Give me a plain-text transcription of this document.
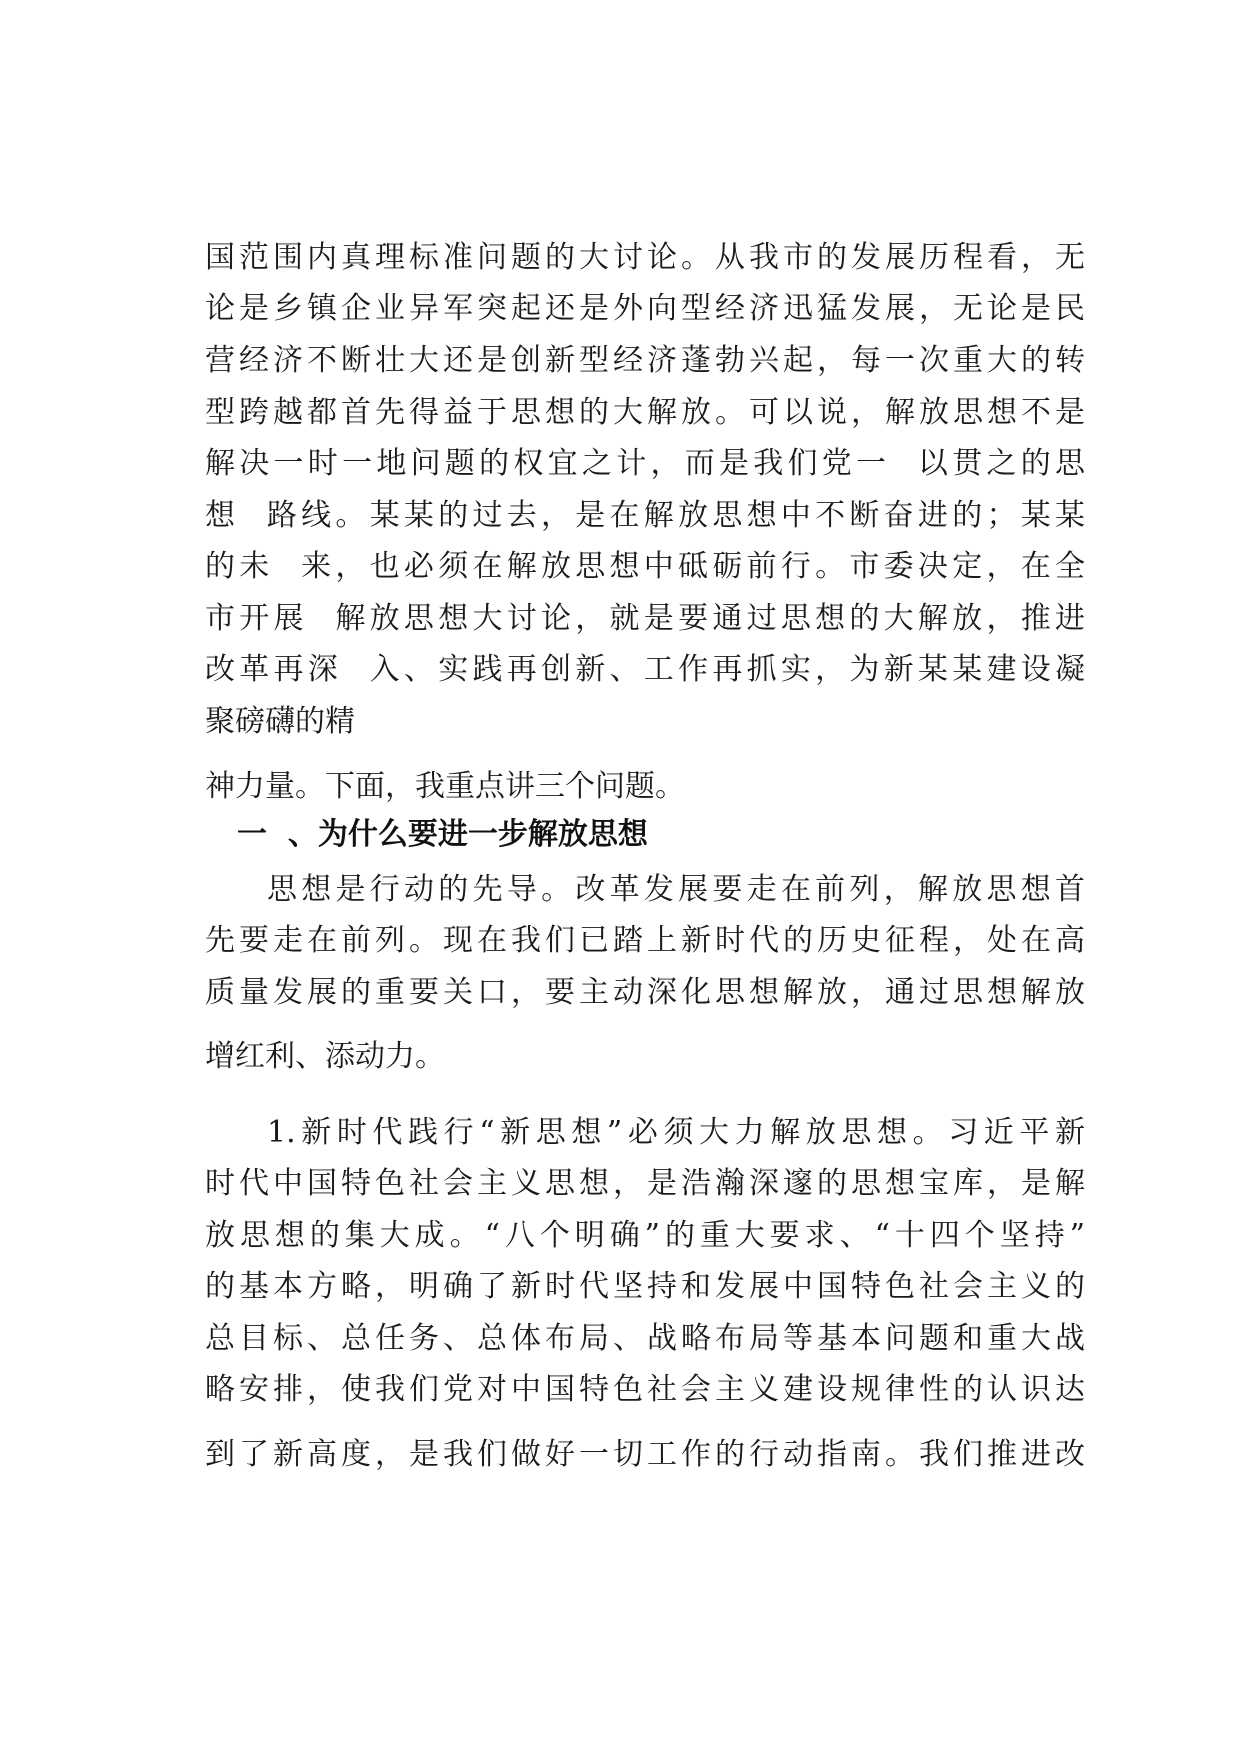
国范围内真理标准问题的大讨论。从我市的发展历程看，无

论是乡镇企业异军突起还是外向型经济迅猛发展，无论是民

营经济不断壮大还是创新型经济蓬勃兴起，每一次重大的转

型跨越都首先得益于思想的大解放。可以说，解放思想不是

解决一时一地问题的权宜之计，而是我们党一  以贯之的思

想  路线。某某的过去，是在解放思想中不断奋进的；某某

的未  来，也必须在解放思想中砥砺前行。市委决定，在全

市开展  解放思想大讨论，就是要通过思想的大解放，推进

改革再深  入、实践再创新、工作再抓实，为新某某建设凝

聚磅礴的精

神力量。下面，我重点讲三个问题。

一  、为什么要进一步解放思想

思想是行动的先导。改革发展要走在前列，解放思想首

先要走在前列。现在我们已踏上新时代的历史征程，处在高

质量发展的重要关口，要主动深化思想解放，通过思想解放

增红利、添动力。

1.新时代践行“新思想”必须大力解放思想。习近平新

时代中国特色社会主义思想，是浩瀚深邃的思想宝库，是解

放思想的集大成。“八个明确”的重大要求、“十四个坚持”

的基本方略，明确了新时代坚持和发展中国特色社会主义的

总目标、总任务、总体布局、战略布局等基本问题和重大战

略安排，使我们党对中国特色社会主义建设规律性的认识达

到了新高度，是我们做好一切工作的行动指南。我们推进改
